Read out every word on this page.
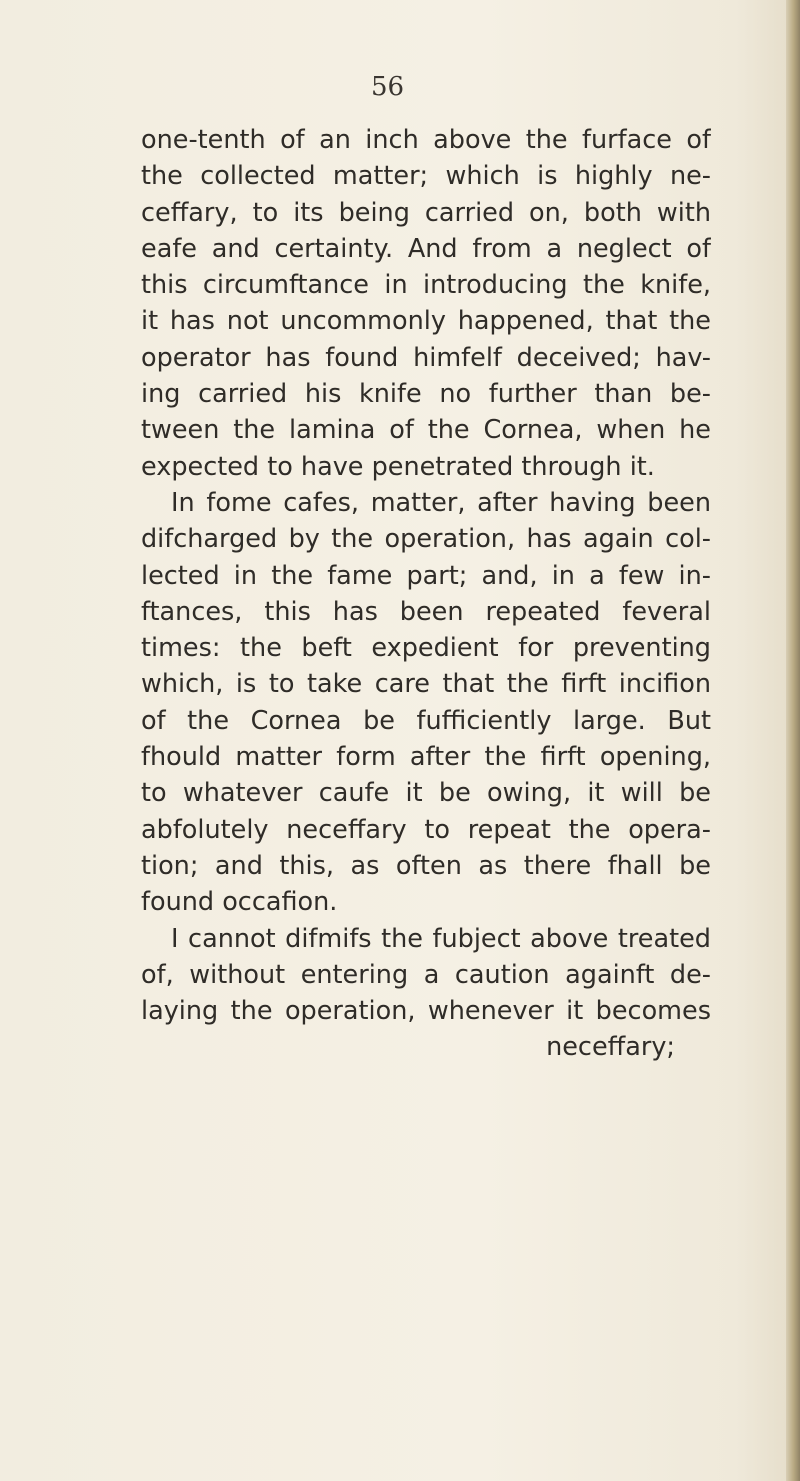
56
one-tenth of an inch above the furface of
the collected matter; which is highly ne-
ceffary, to its being carried on, both with
eafe and certainty. And from a neglect of
this circumftance in introducing the knife,
it has not uncommonly happened, that the
operator has found himfelf deceived; hav-
ing carried his knife no further than be-
tween the lamina of the Cornea, when he
expected to have penetrated through it.
In fome cafes, matter, after having been
difcharged by the operation, has again col-
lected in the fame part; and, in a few in-
ftances, this has been repeated feveral
times: the beft expedient for preventing
which, is to take care that the firft incifion
of the Cornea be fufficiently large. But
fhould matter form after the firft opening,
to whatever caufe it be owing, it will be
abfolutely neceffary to repeat the opera-
tion; and this, as often as there fhall be
found occafion.
I cannot difmifs the fubject above treated
of, without entering a caution againft de-
laying the operation, whenever it becomes
neceffary;
